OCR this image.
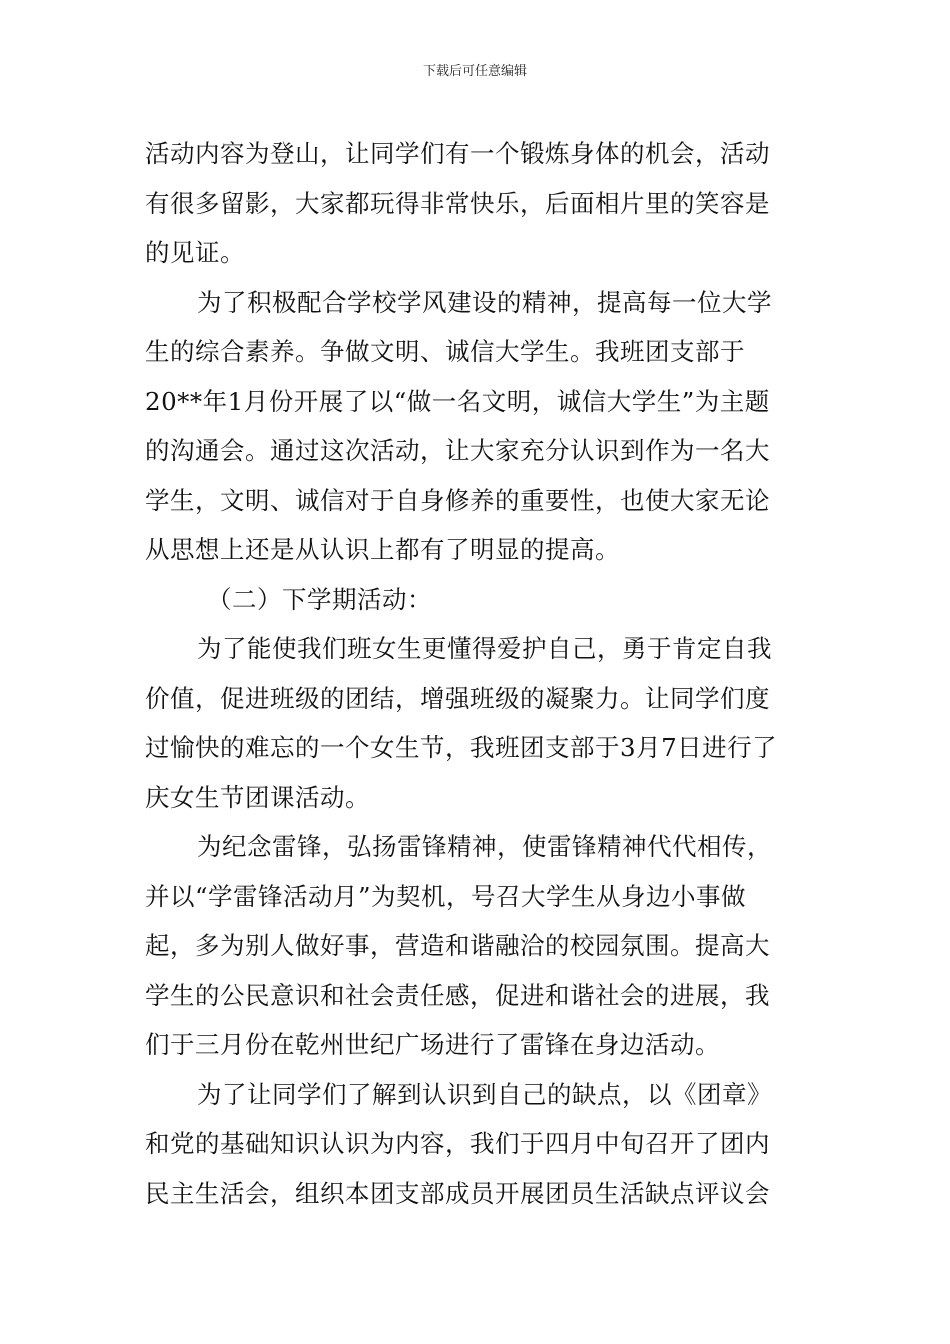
下载后可任意编辑
活动内容为登山，让同学们有一个锻炼身体的机会，活动
有很多留影，大家都玩得非常快乐，后面相片里的笑容是
的见证。
为了积极配合学校学风建设的精神，提高每一位大学
生的综合素养。争做文明、诚信大学生。我班团支部于
20**年1月份开展了以“做一名文明，诚信大学生”为主题
的沟通会。通过这次活动，让大家充分认识到作为一名大
学生，文明、诚信对于自身修养的重要性，也使大家无论
从思想上还是从认识上都有了明显的提高。
（二）下学期活动：
为了能使我们班女生更懂得爱护自己，勇于肯定自我
价值，促进班级的团结，增强班级的凝聚力。让同学们度
过愉快的难忘的一个女生节，我班团支部于3月7日进行了
庆女生节团课活动。
为纪念雷锋，弘扬雷锋精神，使雷锋精神代代相传，
并以“学雷锋活动月”为契机，号召大学生从身边小事做
起，多为别人做好事，营造和谐融洽的校园氛围。提高大
学生的公民意识和社会责任感，促进和谐社会的进展，我
们于三月份在乾州世纪广场进行了雷锋在身边活动。
为了让同学们了解到认识到自己的缺点，以《团章》
和党的基础知识认识为内容，我们于四月中旬召开了团内
民主生活会，组织本团支部成员开展团员生活缺点评议会
